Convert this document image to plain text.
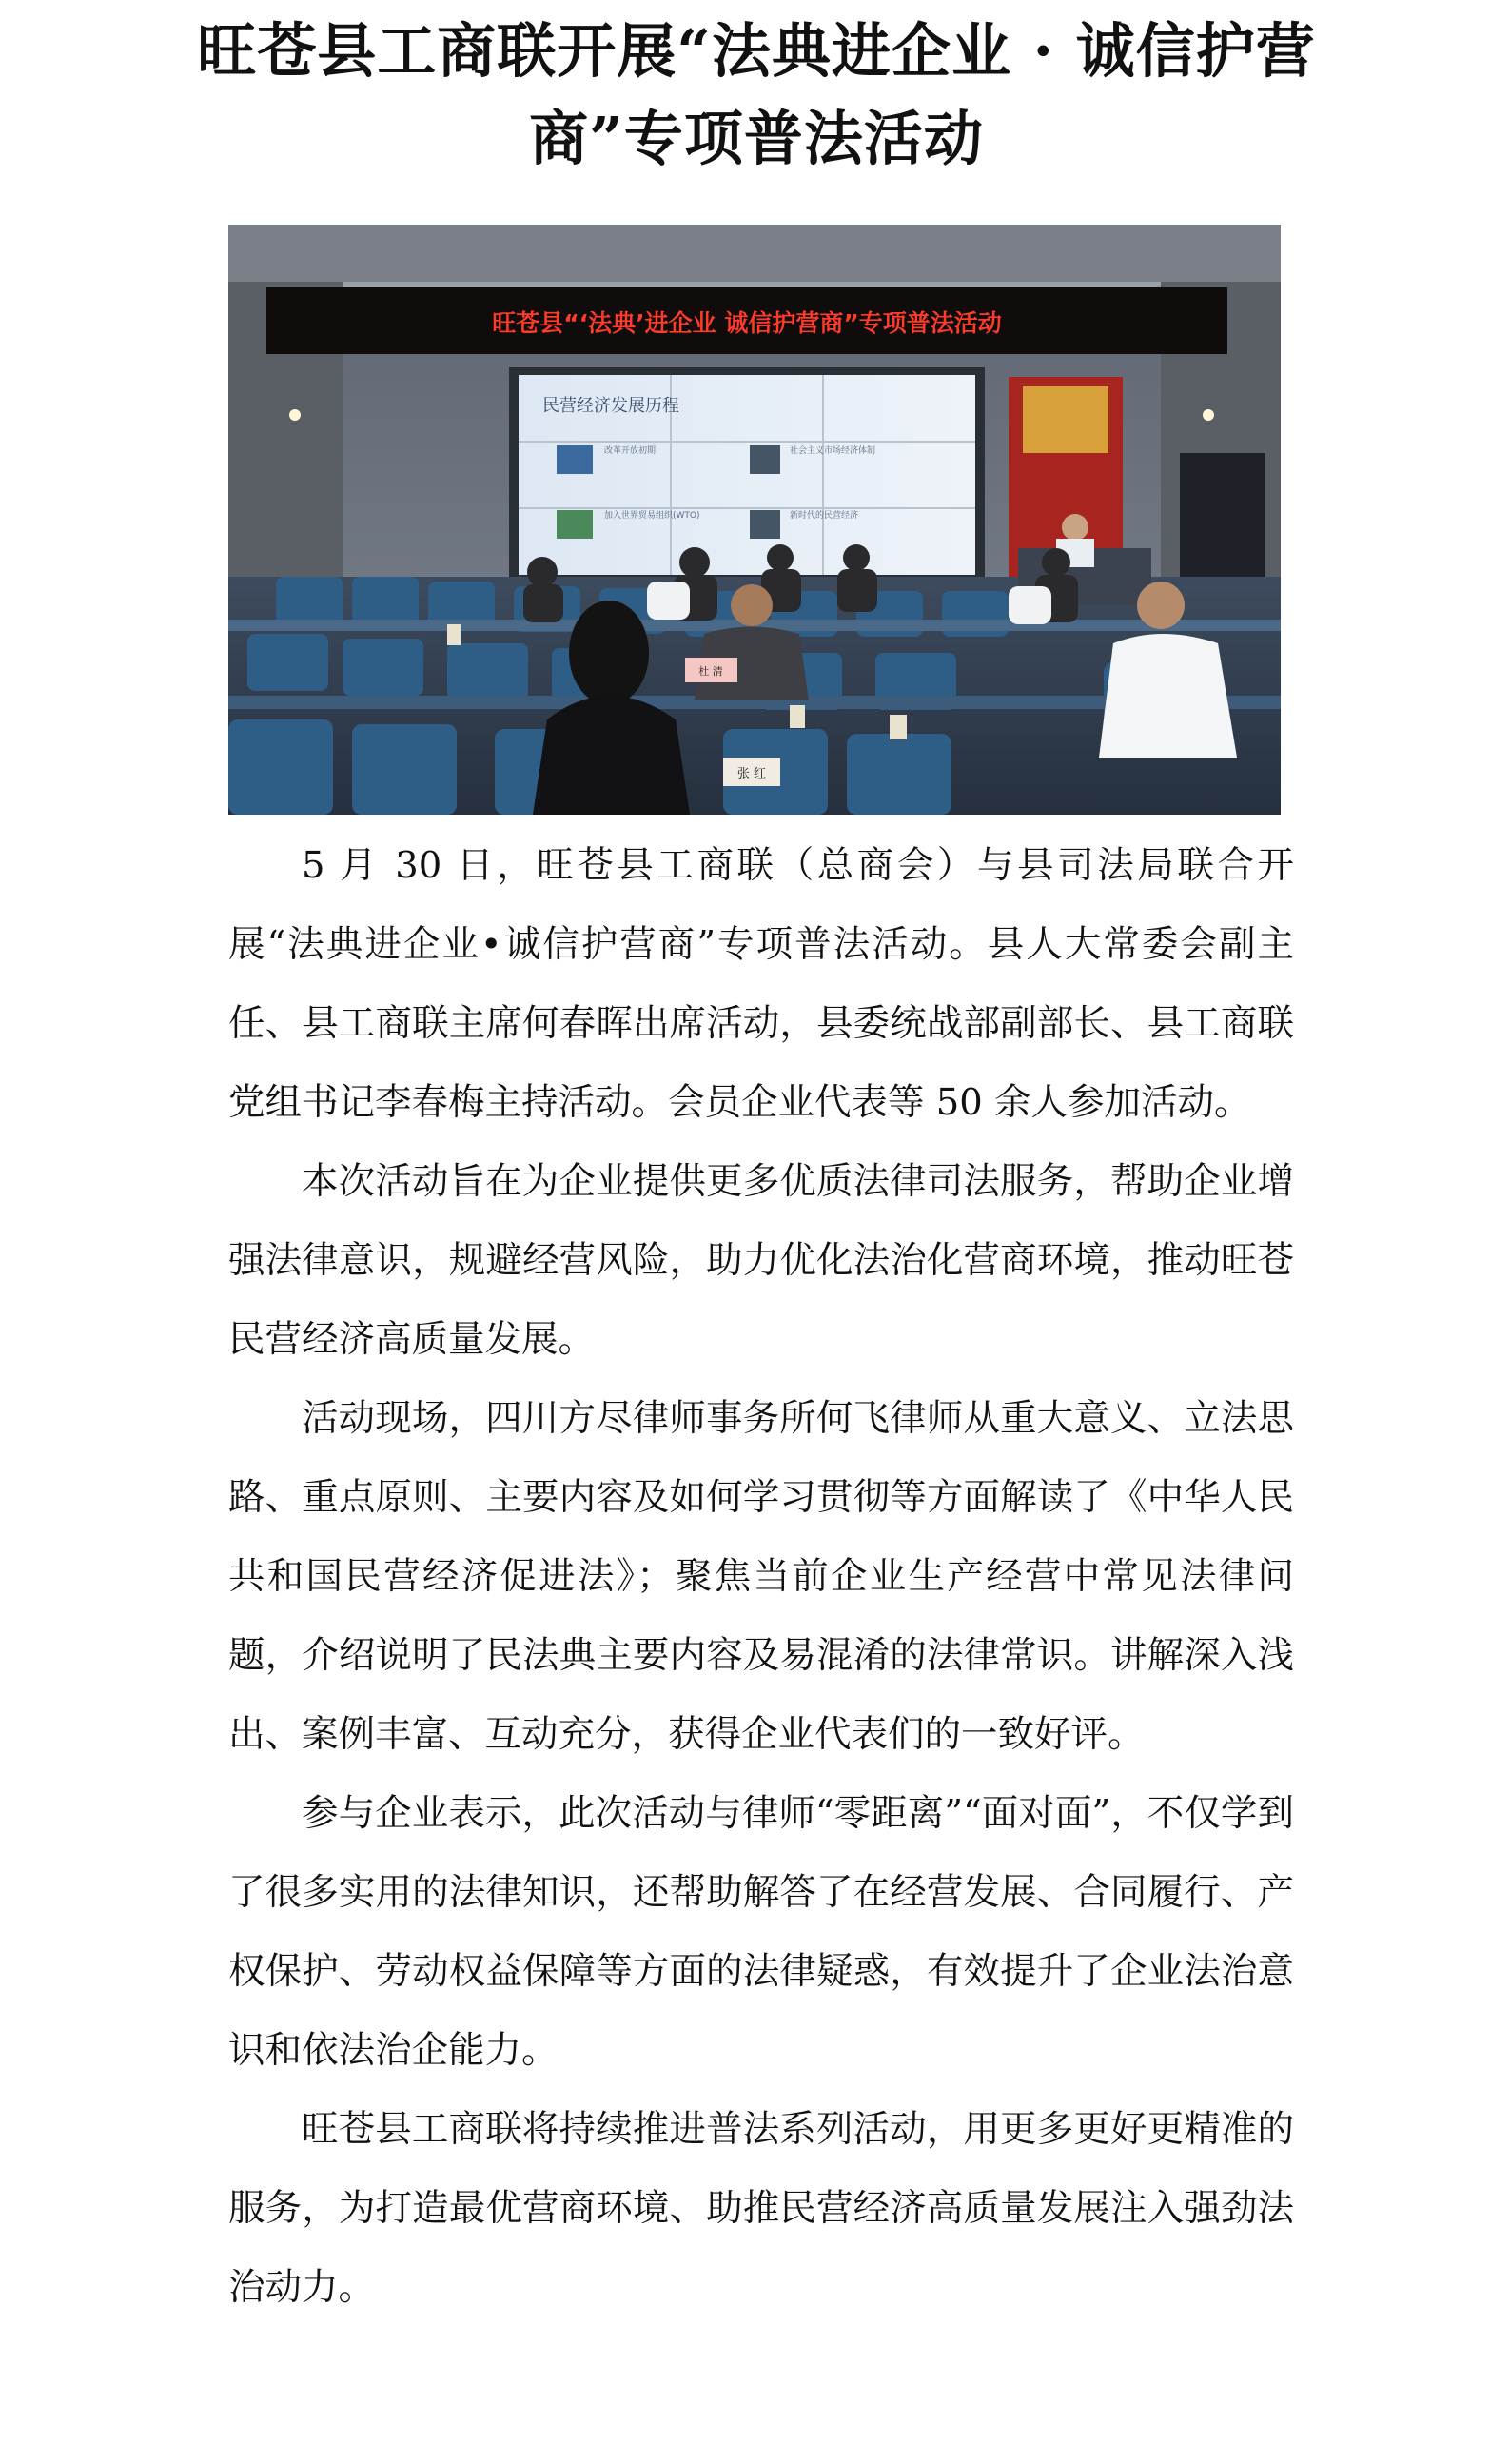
旺苍县工商联开展“法典进企业 · 诚信护营
商”专项普法活动
旺苍县“‘法典’进企业 诚信护营商”专项普法活动
民营经济发展历程
改革开放初期	社会主义市场经济体制
加入世界贸易组织(WTO)	新时代的民营经济
张 红
杜 清

5 月 30 日，旺苍县工商联（总商会）与县司法局联合开展“法典进企业•诚信护营商”专项普法活动。县人大常委会副主任、县工商联主席何春晖出席活动，县委统战部副部长、县工商联党组书记李春梅主持活动。会员企业代表等 50 余人参加活动。

本次活动旨在为企业提供更多优质法律司法服务，帮助企业增强法律意识，规避经营风险，助力优化法治化营商环境，推动旺苍民营经济高质量发展。

活动现场，四川方尽律师事务所何飞律师从重大意义、立法思路、重点原则、主要内容及如何学习贯彻等方面解读了《中华人民共和国民营经济促进法》；聚焦当前企业生产经营中常见法律问题，介绍说明了民法典主要内容及易混淆的法律常识。讲解深入浅出、案例丰富、互动充分，获得企业代表们的一致好评。

参与企业表示，此次活动与律师“零距离”“面对面”，不仅学到了很多实用的法律知识，还帮助解答了在经营发展、合同履行、产权保护、劳动权益保障等方面的法律疑惑，有效提升了企业法治意识和依法治企能力。

旺苍县工商联将持续推进普法系列活动，用更多更好更精准的服务，为打造最优营商环境、助推民营经济高质量发展注入强劲法治动力。
